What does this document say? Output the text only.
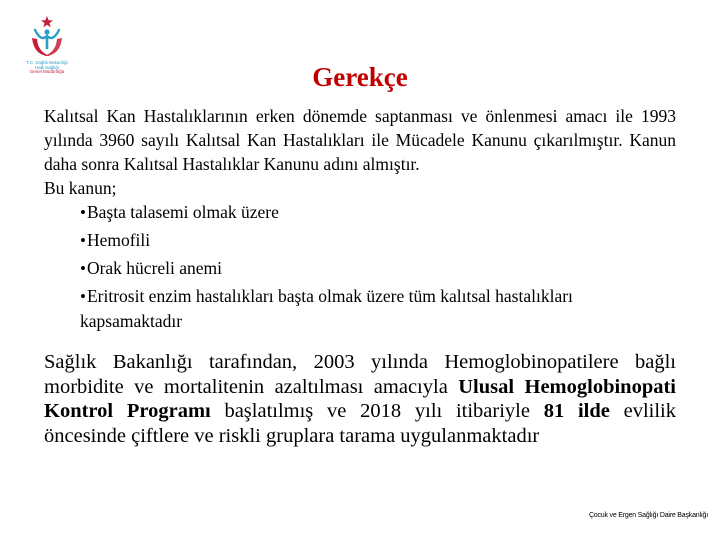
T.C. Sağlık Bakanlığı
Halk Sağlığı
Genel Müdürlüğü	Gerekçe

Kalıtsal Kan Hastalıklarının erken dönemde saptanması ve önlenmesi amacı ile 1993 yılında 3960 sayılı Kalıtsal Kan Hastalıkları ile Mücadele Kanunu çıkarılmıştır. Kanun daha sonra Kalıtsal Hastalıklar Kanunu adını almıştır.

Bu kanun;

•Başta talasemi olmak üzere
•Hemofili
•Orak hücreli anemi
•Eritrosit enzim hastalıkları başta olmak üzere tüm kalıtsal hastalıkları kapsamaktadır

Sağlık Bakanlığı tarafından, 2003 yılında Hemoglobinopatilere bağlı morbidite ve mortalitenin azaltılması amacıyla Ulusal Hemoglobinopati Kontrol Programı başlatılmış ve 2018 yılı itibariyle 81 ilde evlilik öncesinde çiftlere ve riskli gruplara tarama uygulanmaktadır

Çocuk ve Ergen Sağlığı Daire Başkanlığı
